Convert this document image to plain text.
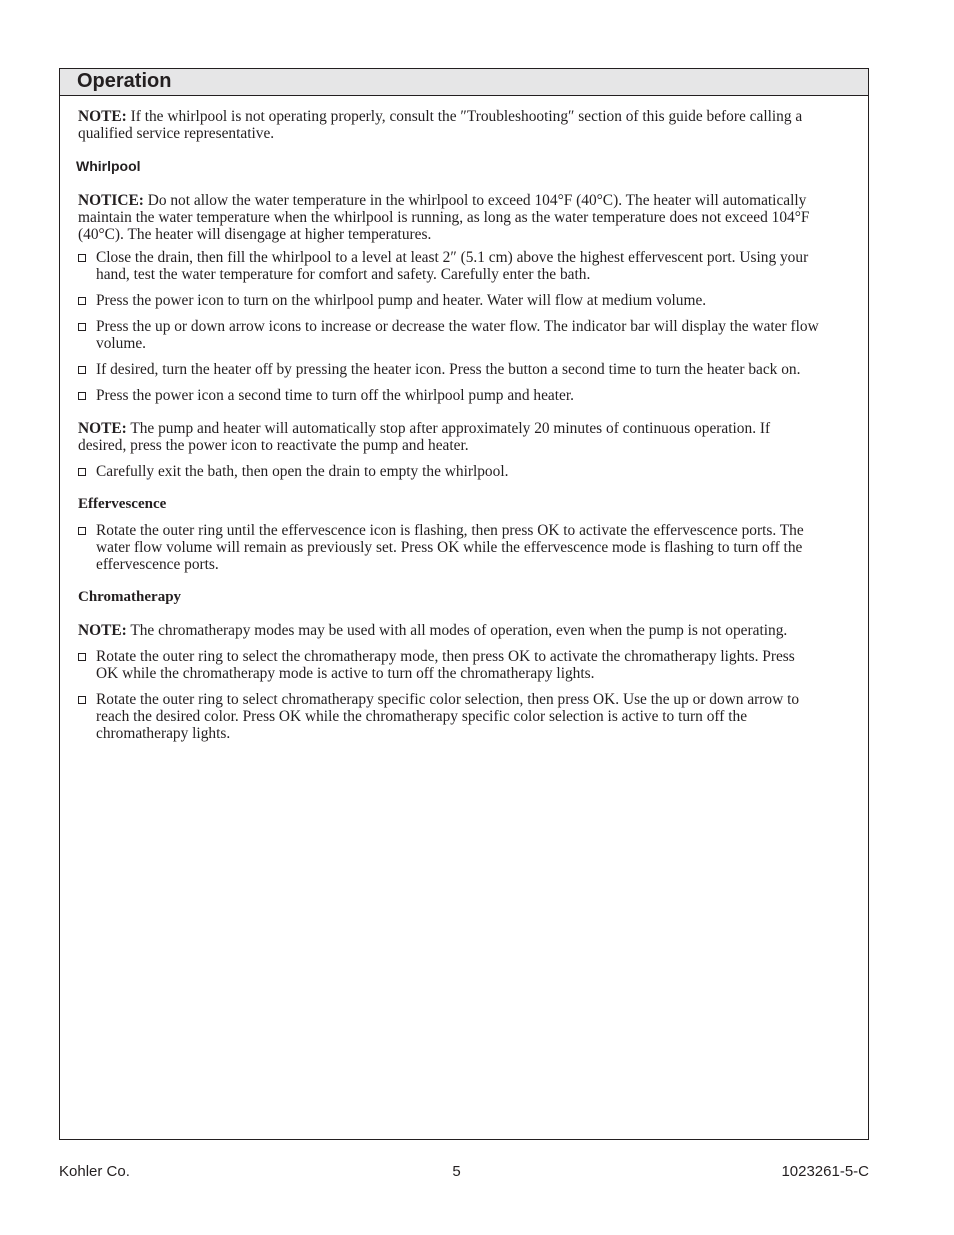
Operation

NOTE: If the whirlpool is not operating properly, consult the ″Troubleshooting″ section of this guide before calling a qualified service representative.

Whirlpool

NOTICE: Do not allow the water temperature in the whirlpool to exceed 104°F (40°C). The heater will automatically maintain the water temperature when the whirlpool is running, as long as the water temperature does not exceed 104°F (40°C). The heater will disengage at higher temperatures.

Close the drain, then fill the whirlpool to a level at least 2″ (5.1 cm) above the highest effervescent port. Using your hand, test the water temperature for comfort and safety. Carefully enter the bath.
Press the power icon to turn on the whirlpool pump and heater. Water will flow at medium volume.
Press the up or down arrow icons to increase or decrease the water flow. The indicator bar will display the water flow volume.
If desired, turn the heater off by pressing the heater icon. Press the button a second time to turn the heater back on.
Press the power icon a second time to turn off the whirlpool pump and heater.

NOTE: The pump and heater will automatically stop after approximately 20 minutes of continuous operation. If desired, press the power icon to reactivate the pump and heater.

Carefully exit the bath, then open the drain to empty the whirlpool.
Effervescence
Rotate the outer ring until the effervescence icon is flashing, then press OK to activate the effervescence ports. The water flow volume will remain as previously set. Press OK while the effervescence mode is flashing to turn off the effervescence ports.
Chromatherapy

NOTE: The chromatherapy modes may be used with all modes of operation, even when the pump is not operating.

Rotate the outer ring to select the chromatherapy mode, then press OK to activate the chromatherapy lights. Press OK while the chromatherapy mode is active to turn off the chromatherapy lights.
Rotate the outer ring to select chromatherapy specific color selection, then press OK. Use the up or down arrow to reach the desired color. Press OK while the chromatherapy specific color selection is active to turn off the chromatherapy lights.
Kohler Co.	5	1023261-5-C
